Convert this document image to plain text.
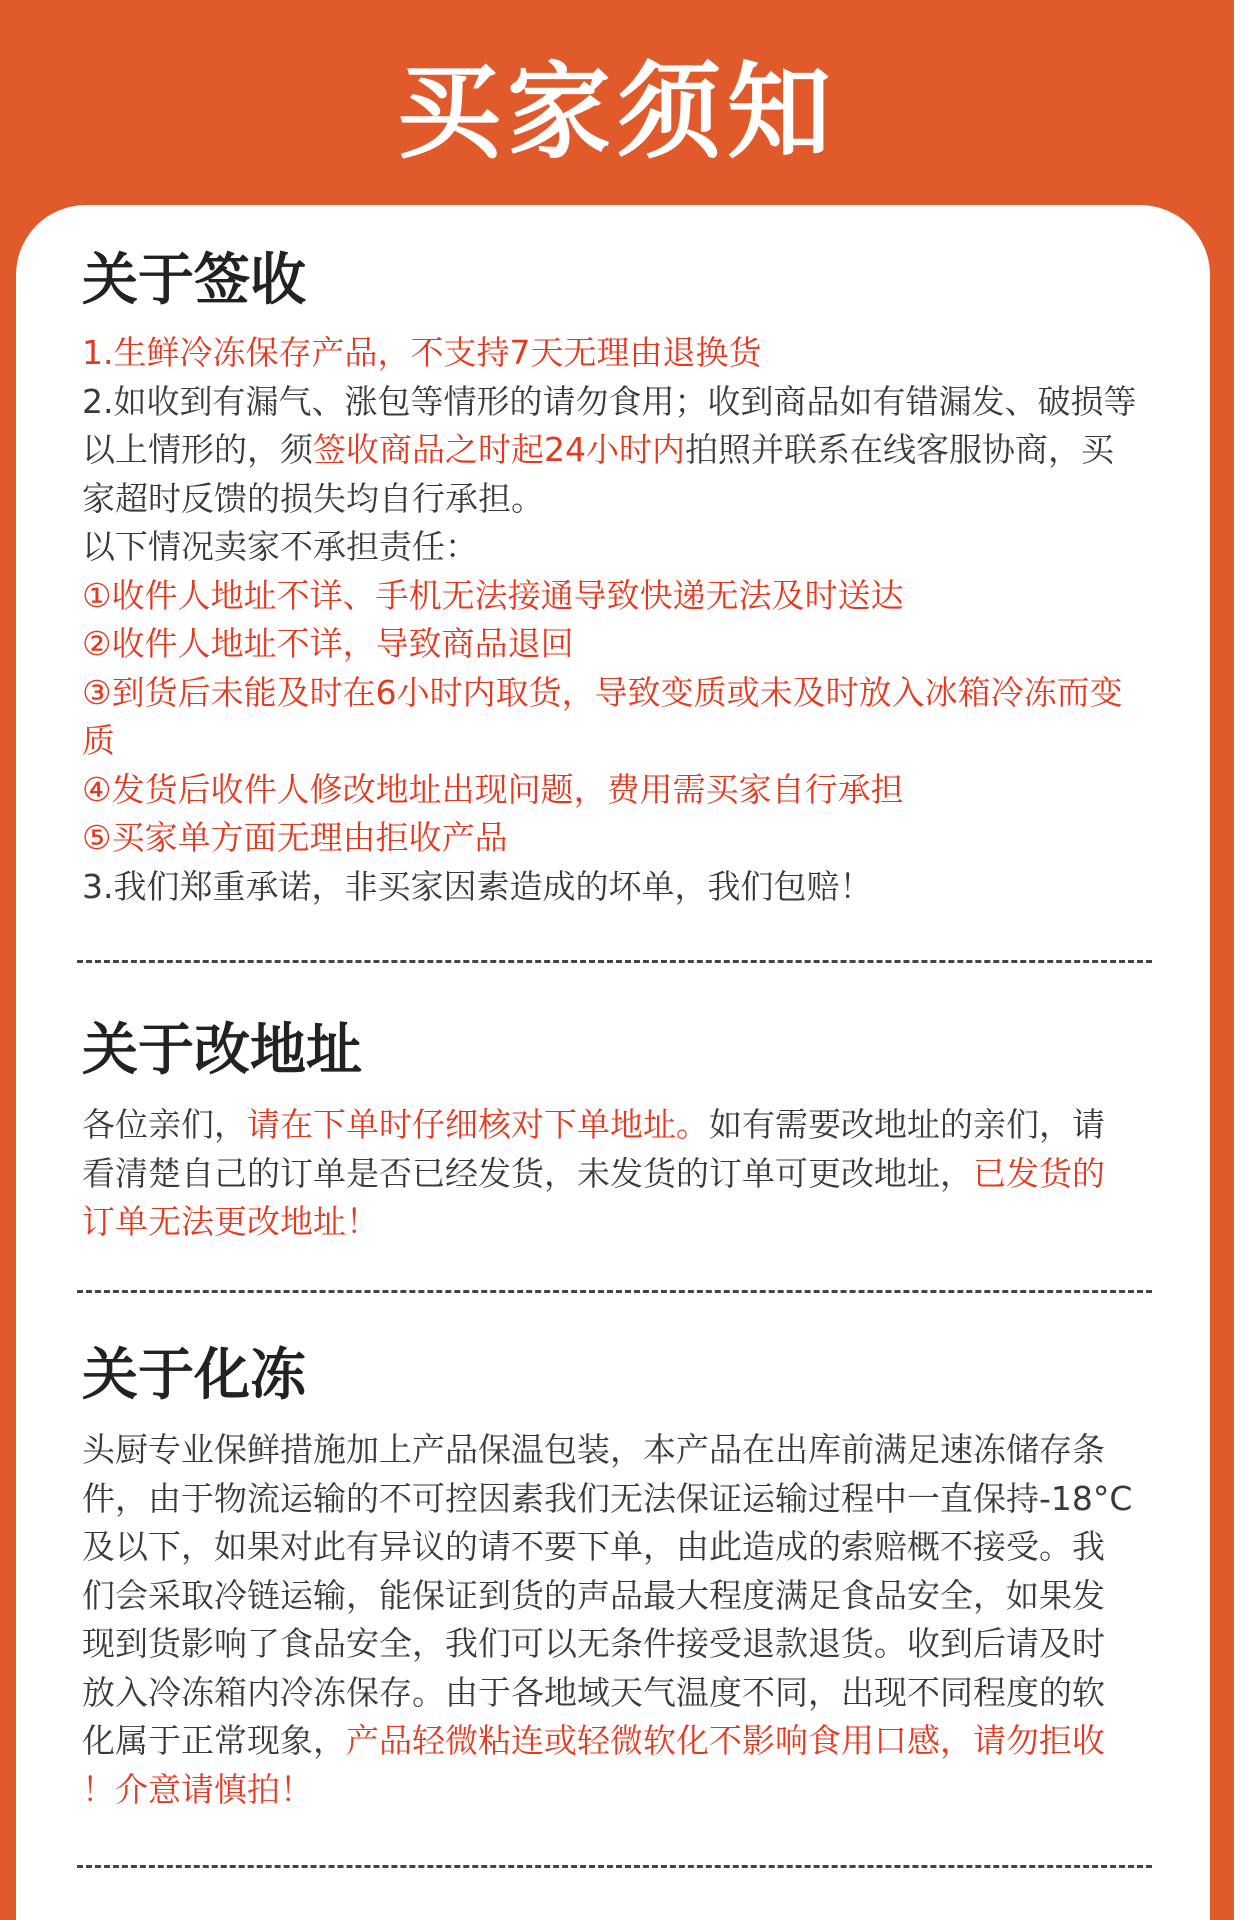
买家须知
关于签收
1.生鲜冷冻保存产品，不支持7天无理由退换货
2.如收到有漏气、涨包等情形的请勿食用；收到商品如有错漏发、破损等
以上情形的，须签收商品之时起24小时内拍照并联系在线客服协商，买
家超时反馈的损失均自行承担。
以下情况卖家不承担责任：
①收件人地址不详、手机无法接通导致快递无法及时送达
②收件人地址不详，导致商品退回
③到货后未能及时在6小时内取货，导致变质或未及时放入冰箱冷冻而变
质
④发货后收件人修改地址出现问题，费用需买家自行承担
⑤买家单方面无理由拒收产品
3.我们郑重承诺，非买家因素造成的坏单，我们包赔！
关于改地址
各位亲们，请在下单时仔细核对下单地址。如有需要改地址的亲们，请
看清楚自己的订单是否已经发货，未发货的订单可更改地址，已发货的
订单无法更改地址！
关于化冻
头厨专业保鲜措施加上产品保温包装，本产品在出库前满足速冻储存条
件，由于物流运输的不可控因素我们无法保证运输过程中一直保持-18°C
及以下，如果对此有异议的请不要下单，由此造成的索赔概不接受。我
们会采取冷链运输，能保证到货的声品最大程度满足食品安全，如果发
现到货影响了食品安全，我们可以无条件接受退款退货。收到后请及时
放入冷冻箱内冷冻保存。由于各地域天气温度不同，出现不同程度的软
化属于正常现象，产品轻微粘连或轻微软化不影响食用口感，请勿拒收
！介意请慎拍！
